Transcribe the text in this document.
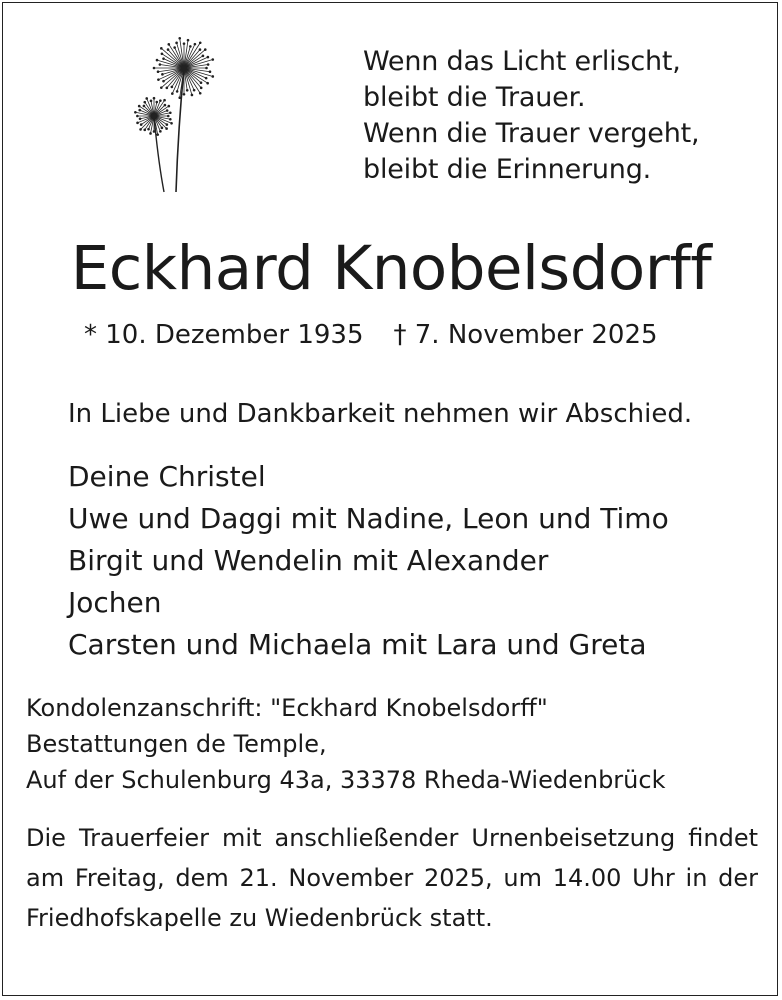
Wenn das Licht erlischt,
bleibt die Trauer.
Wenn die Trauer vergeht,
bleibt die Erinnerung.
Eckhard Knobelsdorff
* 10. Dezember 1935 † 7. November 2025
In Liebe und Dankbarkeit nehmen wir Abschied.
Deine Christel
Uwe und Daggi mit Nadine, Leon und Timo
Birgit und Wendelin mit Alexander
Jochen
Carsten und Michaela mit Lara und Greta
Kondolenzanschrift: "Eckhard Knobelsdorff"
Bestattungen de Temple,
Auf der Schulenburg 43a, 33378 Rheda-Wiedenbrück
Die Trauerfeier mit anschließender Urnenbeisetzung findet am Freitag, dem 21. November 2025, um 14.00 Uhr in der Friedhofskapelle zu Wiedenbrück statt.
